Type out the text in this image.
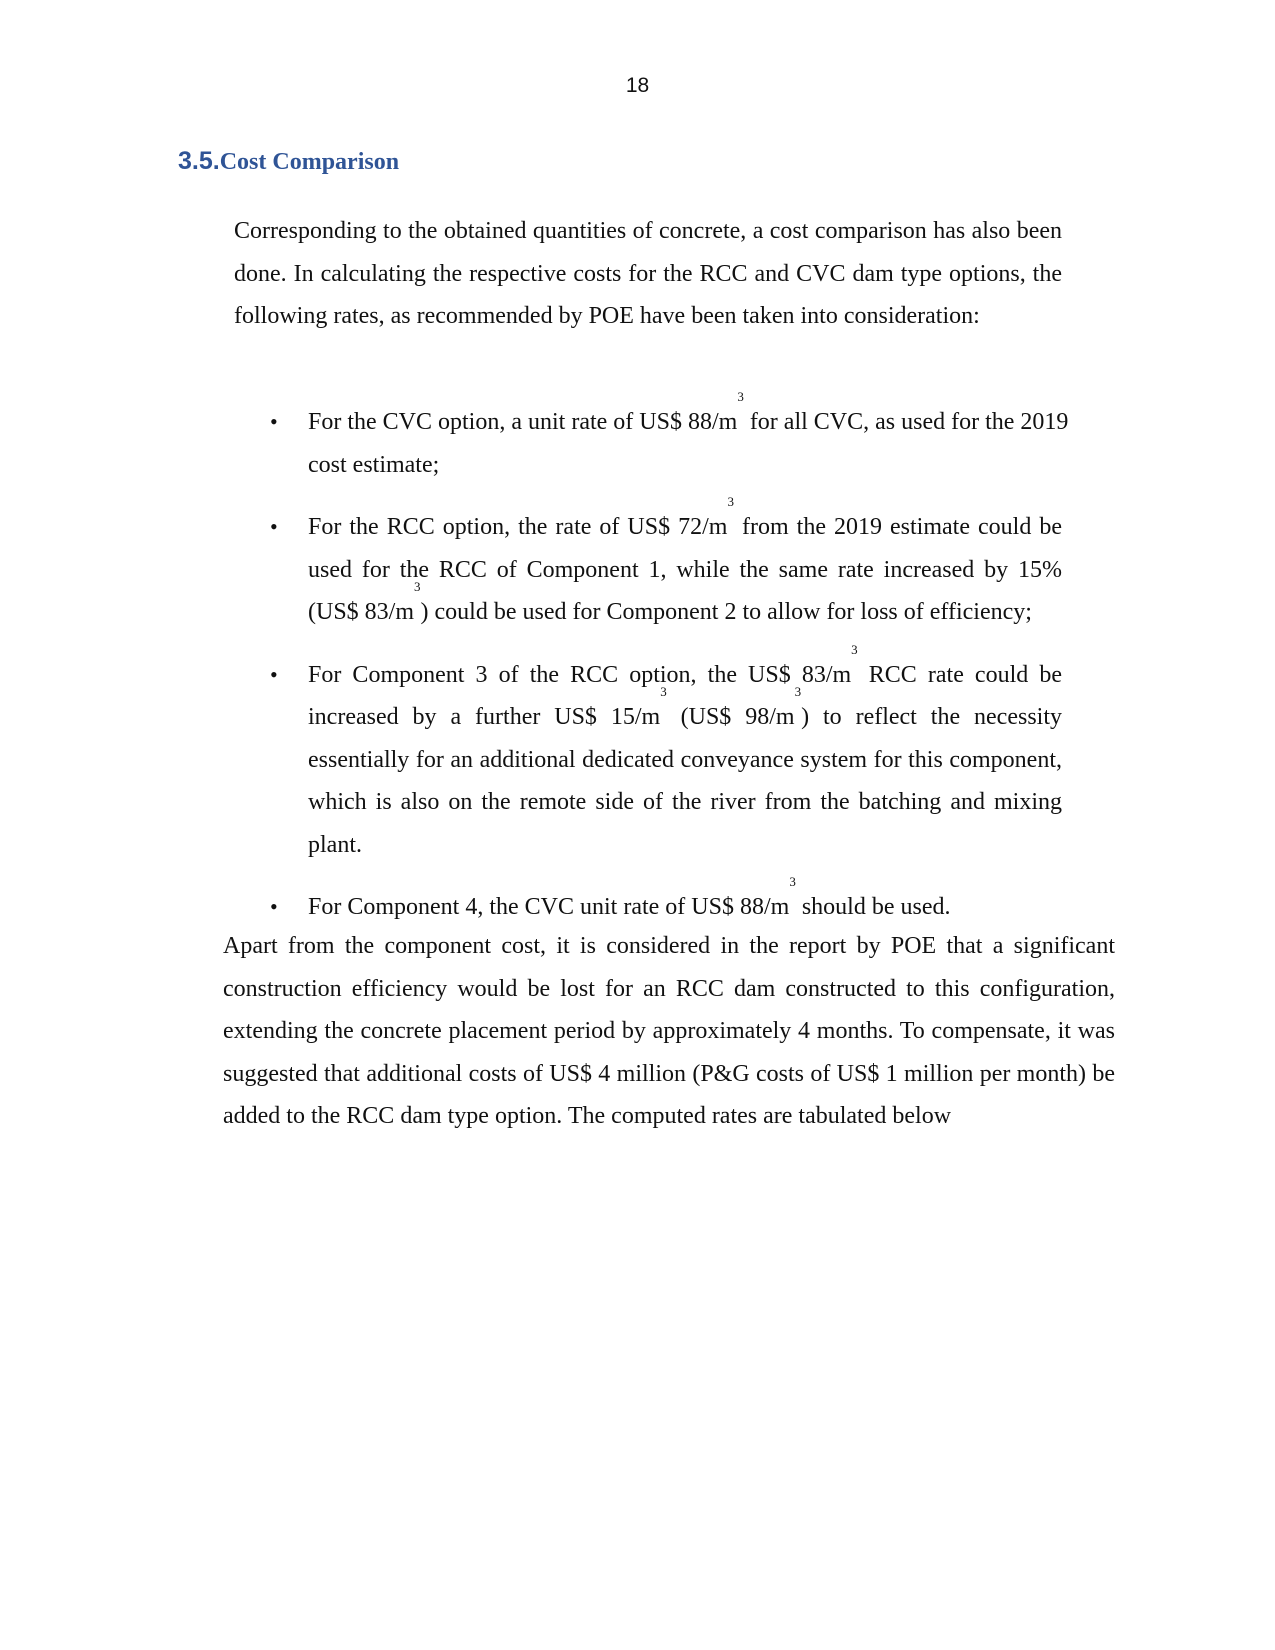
18
3.5.Cost Comparison

Corresponding to the obtained quantities of concrete, a cost comparison has also been done. In calculating the respective costs for the RCC and CVC dam type options, the following rates, as recommended by POE have been taken into consideration:

• For the CVC option, a unit rate of US$ $88/m^3$ for all CVC, as used for the 2019 cost estimate;
• For the RCC option, the rate of US$ $72/m^3$ from the 2019 estimate could be used for the RCC of Component 1, while the same rate increased by 15% (US$ $83/m^3$) could be used for Component 2 to allow for loss of efficiency;
• For Component 3 of the RCC option, the US$ $83/m^3$ RCC rate could be increased by a further US$ $15/m^3$ (US$ $98/m^3$) to reflect the necessity essentially for an additional dedicated conveyance system for this component, which is also on the remote side of the river from the batching and mixing plant.
• For Component 4, the CVC unit rate of US$ $88/m^3$ should be used.

Apart from the component cost, it is considered in the report by POE that a significant construction efficiency would be lost for an RCC dam constructed to this configuration, extending the concrete placement period by approximately 4 months. To compensate, it was suggested that additional costs of US$ 4 million (P&G costs of US$ 1 million per month) be added to the RCC dam type option. The computed rates are tabulated below
